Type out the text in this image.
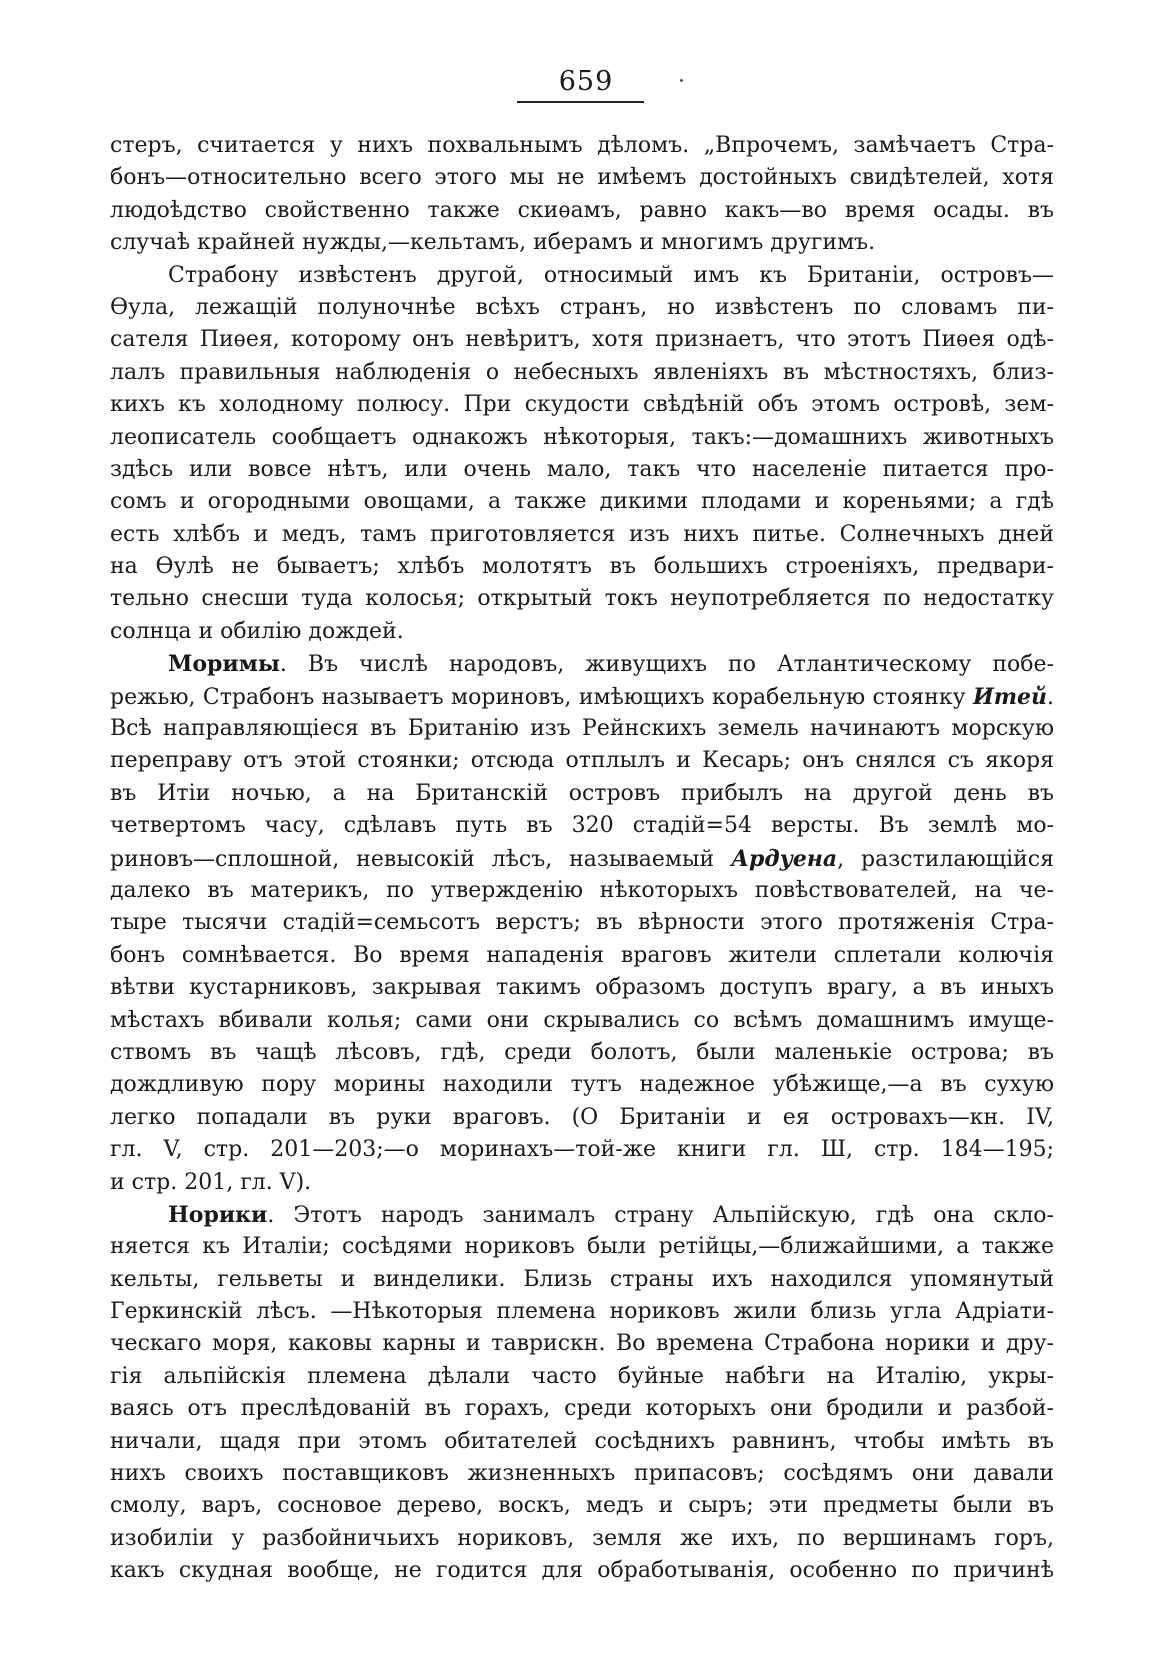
659
стеръ, считается у нихъ похвальнымъ дѣломъ. „Впрочемъ, замѣчаетъ Стра-
бонъ—относительно всего этого мы не имѣемъ достойныхъ свидѣтелей, хотя
людоѣдство свойственно также скиѳамъ, равно какъ—во время осады. въ
случаѣ крайней нужды,—кельтамъ, иберамъ и многимъ другимъ.
Страбону извѣстенъ другой, относимый имъ къ Британіи, островъ—
Ѳула, лежащій полуночнѣе всѣхъ странъ, но извѣстенъ по словамъ пи-
сателя Пиѳея, которому онъ невѣритъ, хотя признаетъ, что этотъ Пиѳея одѣ-
лалъ правильныя наблюденія о небесныхъ явленіяхъ въ мѣстностяхъ, близ-
кихъ къ холодному полюсу. При скудости свѣдѣній объ этомъ островѣ, зем-
леописатель сообщаетъ однакожъ нѣкоторыя, такъ:—домашнихъ животныхъ
здѣсь или вовсе нѣтъ, или очень мало, такъ что населеніе питается про-
сомъ и огородными овощами, а также дикими плодами и кореньями; а гдѣ
есть хлѣбъ и медъ, тамъ приготовляется изъ нихъ питье. Солнечныхъ дней
на Ѳулѣ не бываетъ; хлѣбъ молотятъ въ большихъ строеніяхъ, предвари-
тельно снесши туда колосья; открытый токъ неупотребляется по недостатку
солнца и обилію дождей.
Моримы. Въ числѣ народовъ, живущихъ по Атлантическому побе-
режью, Страбонъ называетъ мориновъ, имѣющихъ корабельную стоянку Итей.
Всѣ направляющіеся въ Британію изъ Рейнскихъ земель начинаютъ морскую
переправу отъ этой стоянки; отсюда отплылъ и Кесарь; онъ снялся съ якоря
въ Итіи ночью, а на Британскій островъ прибылъ на другой день въ
четвертомъ часу, сдѣлавъ путь въ 320 стадій=54 версты. Въ землѣ мо-
риновъ—сплошной, невысокій лѣсъ, называемый Ардуена, разстилающійся
далеко въ материкъ, по утвержденію нѣкоторыхъ повѣствователей, на че-
тыре тысячи стадій=семьсотъ верстъ; въ вѣрности этого протяженія Стра-
бонъ сомнѣвается. Во время нападенія враговъ жители сплетали колючія
вѣтви кустарниковъ, закрывая такимъ образомъ доступъ врагу, а въ иныхъ
мѣстахъ вбивали колья; сами они скрывались со всѣмъ домашнимъ имуще-
ствомъ въ чащѣ лѣсовъ, гдѣ, среди болотъ, были маленькіе острова; въ
дождливую пору морины находили тутъ надежное убѣжище,—а въ сухую
легко попадали въ руки враговъ. (О Британіи и ея островахъ—кн. IV,
гл. V, стр. 201—203;—о моринахъ—той-же книги гл. Ш, стр. 184—195;
и стр. 201, гл. V).
Норики. Этотъ народъ занималъ страну Альпійскую, гдѣ она скло-
няется къ Италіи; сосѣдями нориковъ были ретійцы,—ближайшими, а также
кельты, гельветы и винделики. Близь страны ихъ находился упомянутый
Геркинскій лѣсъ. —Нѣкоторыя племена нориковъ жили близь угла Адріати-
ческаго моря, каковы карны и таврискн. Во времена Страбона норики и дру-
гія альпійскія племена дѣлали часто буйные набѣги на Италію, укры-
ваясь отъ преслѣдованій въ горахъ, среди которыхъ они бродили и разбой-
ничали, щадя при этомъ обитателей сосѣднихъ равнинъ, чтобы имѣть въ
нихъ своихъ поставщиковъ жизненныхъ припасовъ; сосѣдямъ они давали
смолу, варъ, сосновое дерево, воскъ, медъ и сыръ; эти предметы были въ
изобиліи у разбойничьихъ нориковъ, земля же ихъ, по вершинамъ горъ,
какъ скудная вообще, не годится для обработыванія, особенно по причинѣ
